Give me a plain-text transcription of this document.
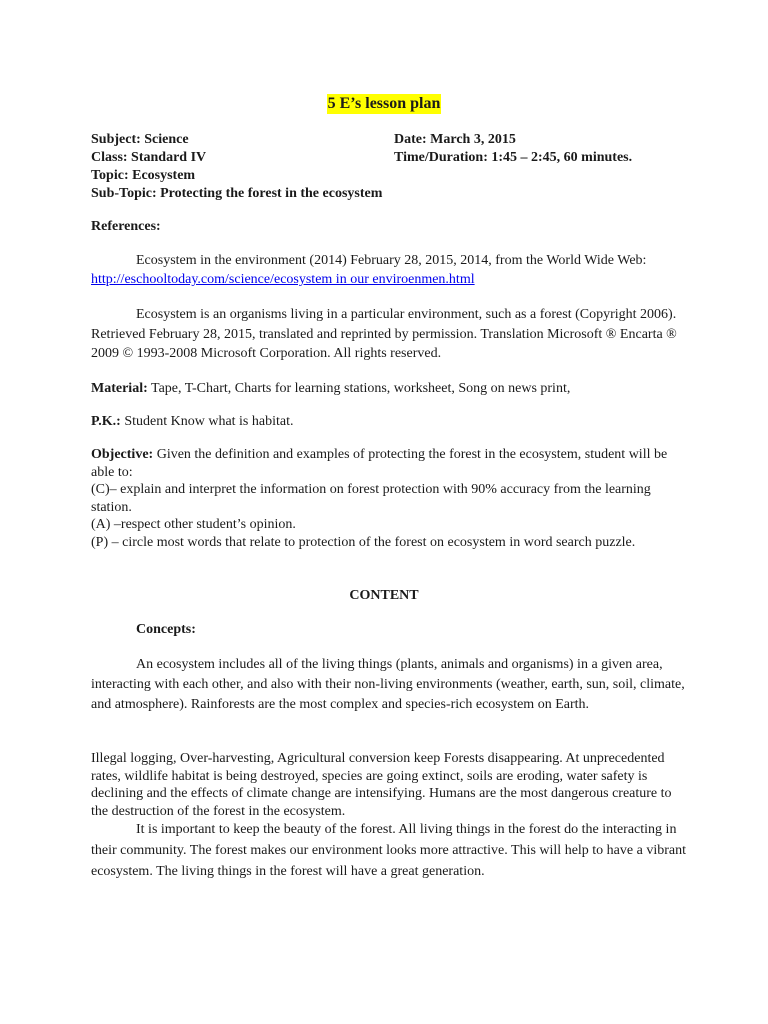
5 E’s lesson plan
Subject: Science	Date: March 3, 2015
Class: Standard IV	Time/Duration: 1:45 – 2:45, 60 minutes.
Topic: Ecosystem
Sub-Topic: Protecting the forest in the ecosystem
References:
Ecosystem in the environment (2014) February 28, 2015, 2014, from the World Wide Web: http://eschooltoday.com/science/ecosystem in our enviroenmen.html
Ecosystem is an organisms living in a particular environment, such as a forest (Copyright 2006). Retrieved February 28, 2015, translated and reprinted by permission. Translation Microsoft ® Encarta ® 2009 © 1993-2008 Microsoft Corporation. All rights reserved.
Material: Tape, T-Chart, Charts for learning stations, worksheet, Song on news print,
P.K.: Student Know what is habitat.

Objective: Given the definition and examples of protecting the forest in the ecosystem, student will be able to:

(C)– explain and interpret the information on forest protection with 90% accuracy from the learning station.

(A) –respect other student’s opinion.

(P) – circle most words that relate to protection of the forest on ecosystem in word search puzzle.

CONTENT
Concepts:
An ecosystem includes all of the living things (plants, animals and organisms) in a given area, interacting with each other, and also with their non-living environments (weather, earth, sun, soil, climate, and atmosphere). Rainforests are the most complex and species-rich ecosystem on Earth.
Illegal logging, Over-harvesting, Agricultural conversion keep Forests disappearing. At unprecedented rates, wildlife habitat is being destroyed, species are going extinct, soils are eroding, water safety is declining and the effects of climate change are intensifying. Humans are the most dangerous creature to the destruction of the forest in the ecosystem.
It is important to keep the beauty of the forest. All living things in the forest do the interacting in their community. The forest makes our environment looks more attractive. This will help to have a vibrant ecosystem. The living things in the forest will have a great generation.
